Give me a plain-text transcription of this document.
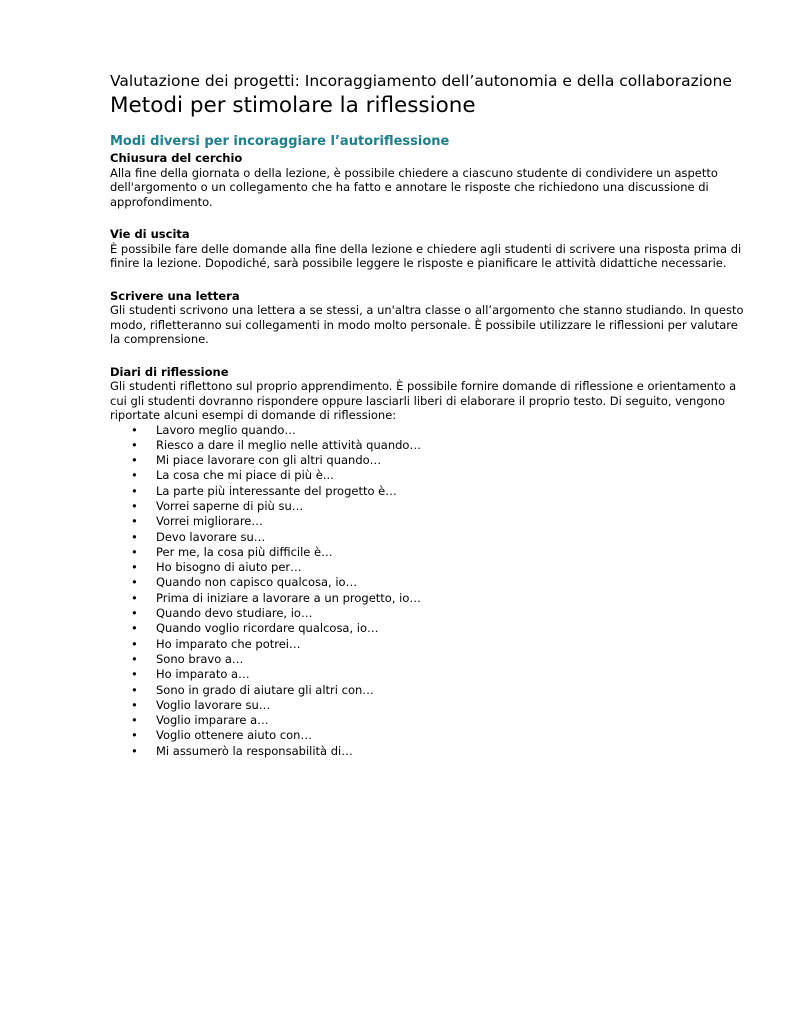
Valutazione dei progetti: Incoraggiamento dell’autonomia e della collaborazione

Metodi per stimolare la riflessione
Modi diversi per incoraggiare l’autoriflessione

Chiusura del cerchio

Alla fine della giornata o della lezione, è possibile chiedere a ciascuno studente di condividere un aspetto dell'argomento o un collegamento che ha fatto e annotare le risposte che richiedono una discussione di approfondimento.

Vie di uscita

È possibile fare delle domande alla fine della lezione e chiedere agli studenti di scrivere una risposta prima di finire la lezione. Dopodiché, sarà possibile leggere le risposte e pianificare le attività didattiche necessarie.

Scrivere una lettera

Gli studenti scrivono una lettera a se stessi, a un'altra classe o all’argomento che stanno studiando. In questo modo, rifletteranno sui collegamenti in modo molto personale. È possibile utilizzare le riflessioni per valutare la comprensione.

Diari di riflessione

Gli studenti riflettono sul proprio apprendimento. È possibile fornire domande di riflessione e orientamento a cui gli studenti dovranno rispondere oppure lasciarli liberi di elaborare il proprio testo. Di seguito, vengono riportate alcuni esempi di domande di riflessione:

• Lavoro meglio quando…
• Riesco a dare il meglio nelle attività quando…
• Mi piace lavorare con gli altri quando…
• La cosa che mi piace di più è...
• La parte più interessante del progetto è…
• Vorrei saperne di più su…
• Vorrei migliorare…
• Devo lavorare su…
• Per me, la cosa più difficile è…
• Ho bisogno di aiuto per…
• Quando non capisco qualcosa, io…
• Prima di iniziare a lavorare a un progetto, io…
• Quando devo studiare, io…
• Quando voglio ricordare qualcosa, io…
• Ho imparato che potrei…
• Sono bravo a…
• Ho imparato a…
• Sono in grado di aiutare gli altri con…
• Voglio lavorare su…
• Voglio imparare a…
• Voglio ottenere aiuto con…
• Mi assumerò la responsabilità di…
